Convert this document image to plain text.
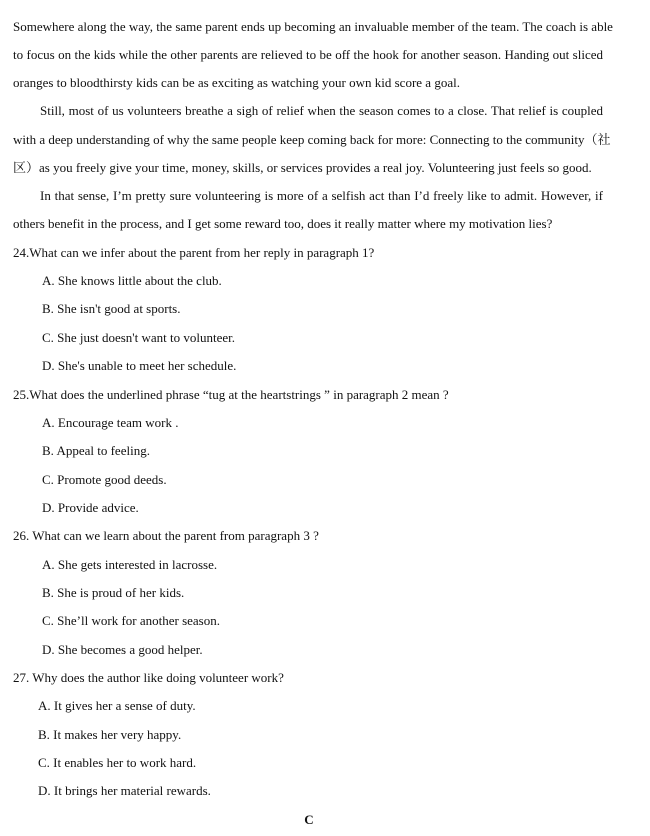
Somewhere along the way, the same parent ends up becoming an invaluable member of the team. The coach is able
to focus on the kids while the other parents are relieved to be off the hook for another season. Handing out sliced
oranges to bloodthirsty kids can be as exciting as watching your own kid score a goal.
Still, most of us volunteers breathe a sigh of relief when the season comes to a close. That relief is coupled
with a deep understanding of why the same people keep coming back for more: Connecting to the community（社
区）as you freely give your time, money, skills, or services provides a real joy. Volunteering just feels so good.
In that sense, I’m pretty sure volunteering is more of a selfish act than I’d freely like to admit. However, if
others benefit in the process, and I get some reward too, does it really matter where my motivation lies?
24.What can we infer about the parent from her reply in paragraph 1?
A. She knows little about the club.
B. She isn't good at sports.
C. She just doesn't want to volunteer.
D. She's unable to meet her schedule.
25.What does the underlined phrase “tug at the heartstrings ” in paragraph 2 mean ?
A. Encourage team work .
B. Appeal to feeling.
C. Promote good deeds.
D. Provide advice.
26. What can we learn about the parent from paragraph 3 ?
A. She gets interested in lacrosse.
B. She is proud of her kids.
C. She’ll work for another season.
D. She becomes a good helper.
27. Why does the author like doing volunteer work?
A. It gives her a sense of duty.
B. It makes her very happy.
C. It enables her to work hard.
D. It brings her material rewards.
C
